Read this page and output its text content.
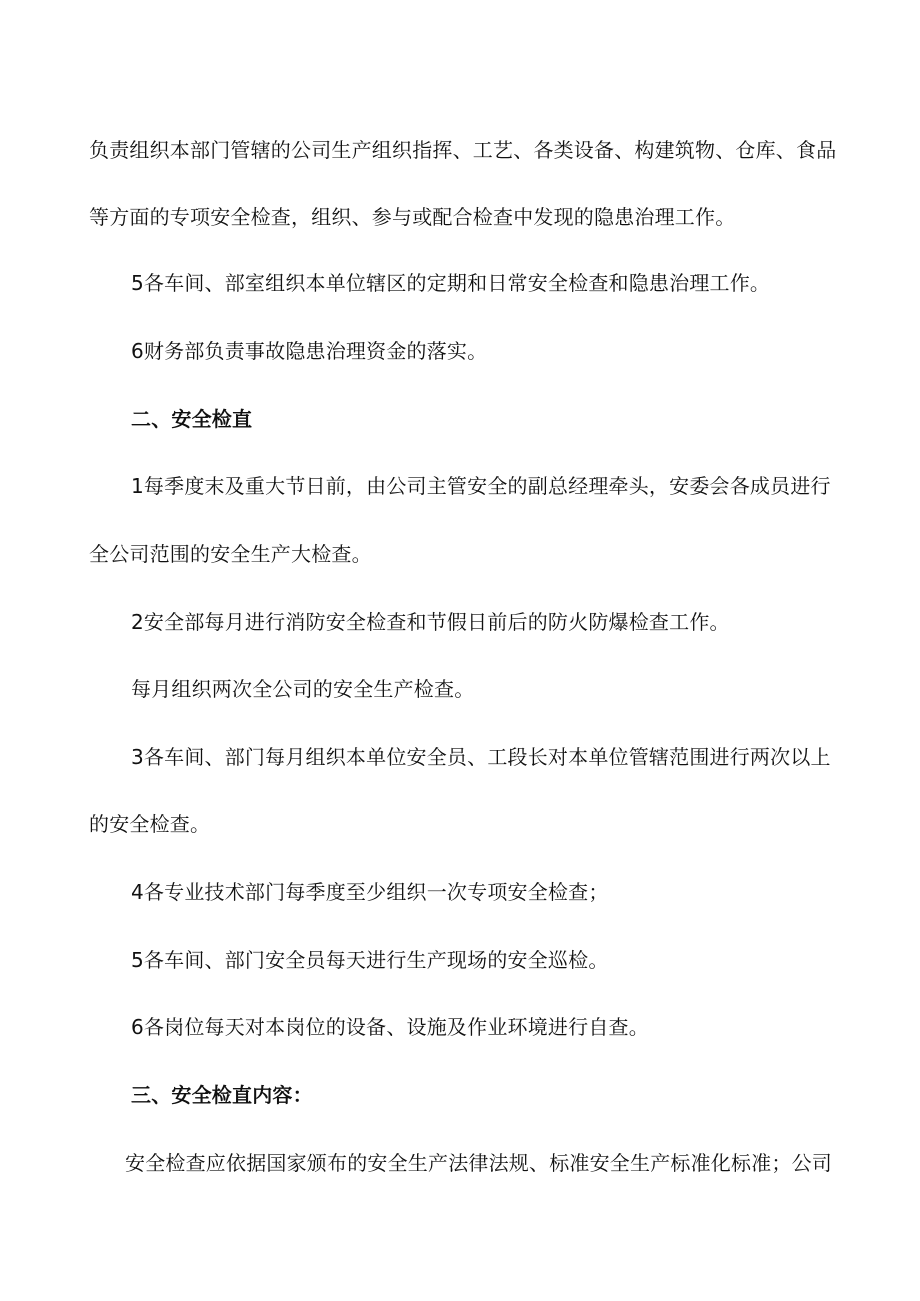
负责组织本部门管辖的公司生产组织指挥、工艺、各类设备、构建筑物、仓库、食品
等方面的专项安全检查，组织、参与或配合检查中发现的隐患治理工作。
5各车间、部室组织本单位辖区的定期和日常安全检查和隐患治理工作。
6财务部负责事故隐患治理资金的落实。
二、安全检直
1每季度末及重大节日前，由公司主管安全的副总经理牵头，安委会各成员进行
全公司范围的安全生产大检查。
2安全部每月进行消防安全检查和节假日前后的防火防爆检查工作。
每月组织两次全公司的安全生产检查。
3各车间、部门每月组织本单位安全员、工段长对本单位管辖范围进行两次以上
的安全检查。
4各专业技术部门每季度至少组织一次专项安全检查；
5各车间、部门安全员每天进行生产现场的安全巡检。
6各岗位每天对本岗位的设备、设施及作业环境进行自查。
三、安全检直内容：
安全检查应依据国家颁布的安全生产法律法规、标准安全生产标准化标准；公司
